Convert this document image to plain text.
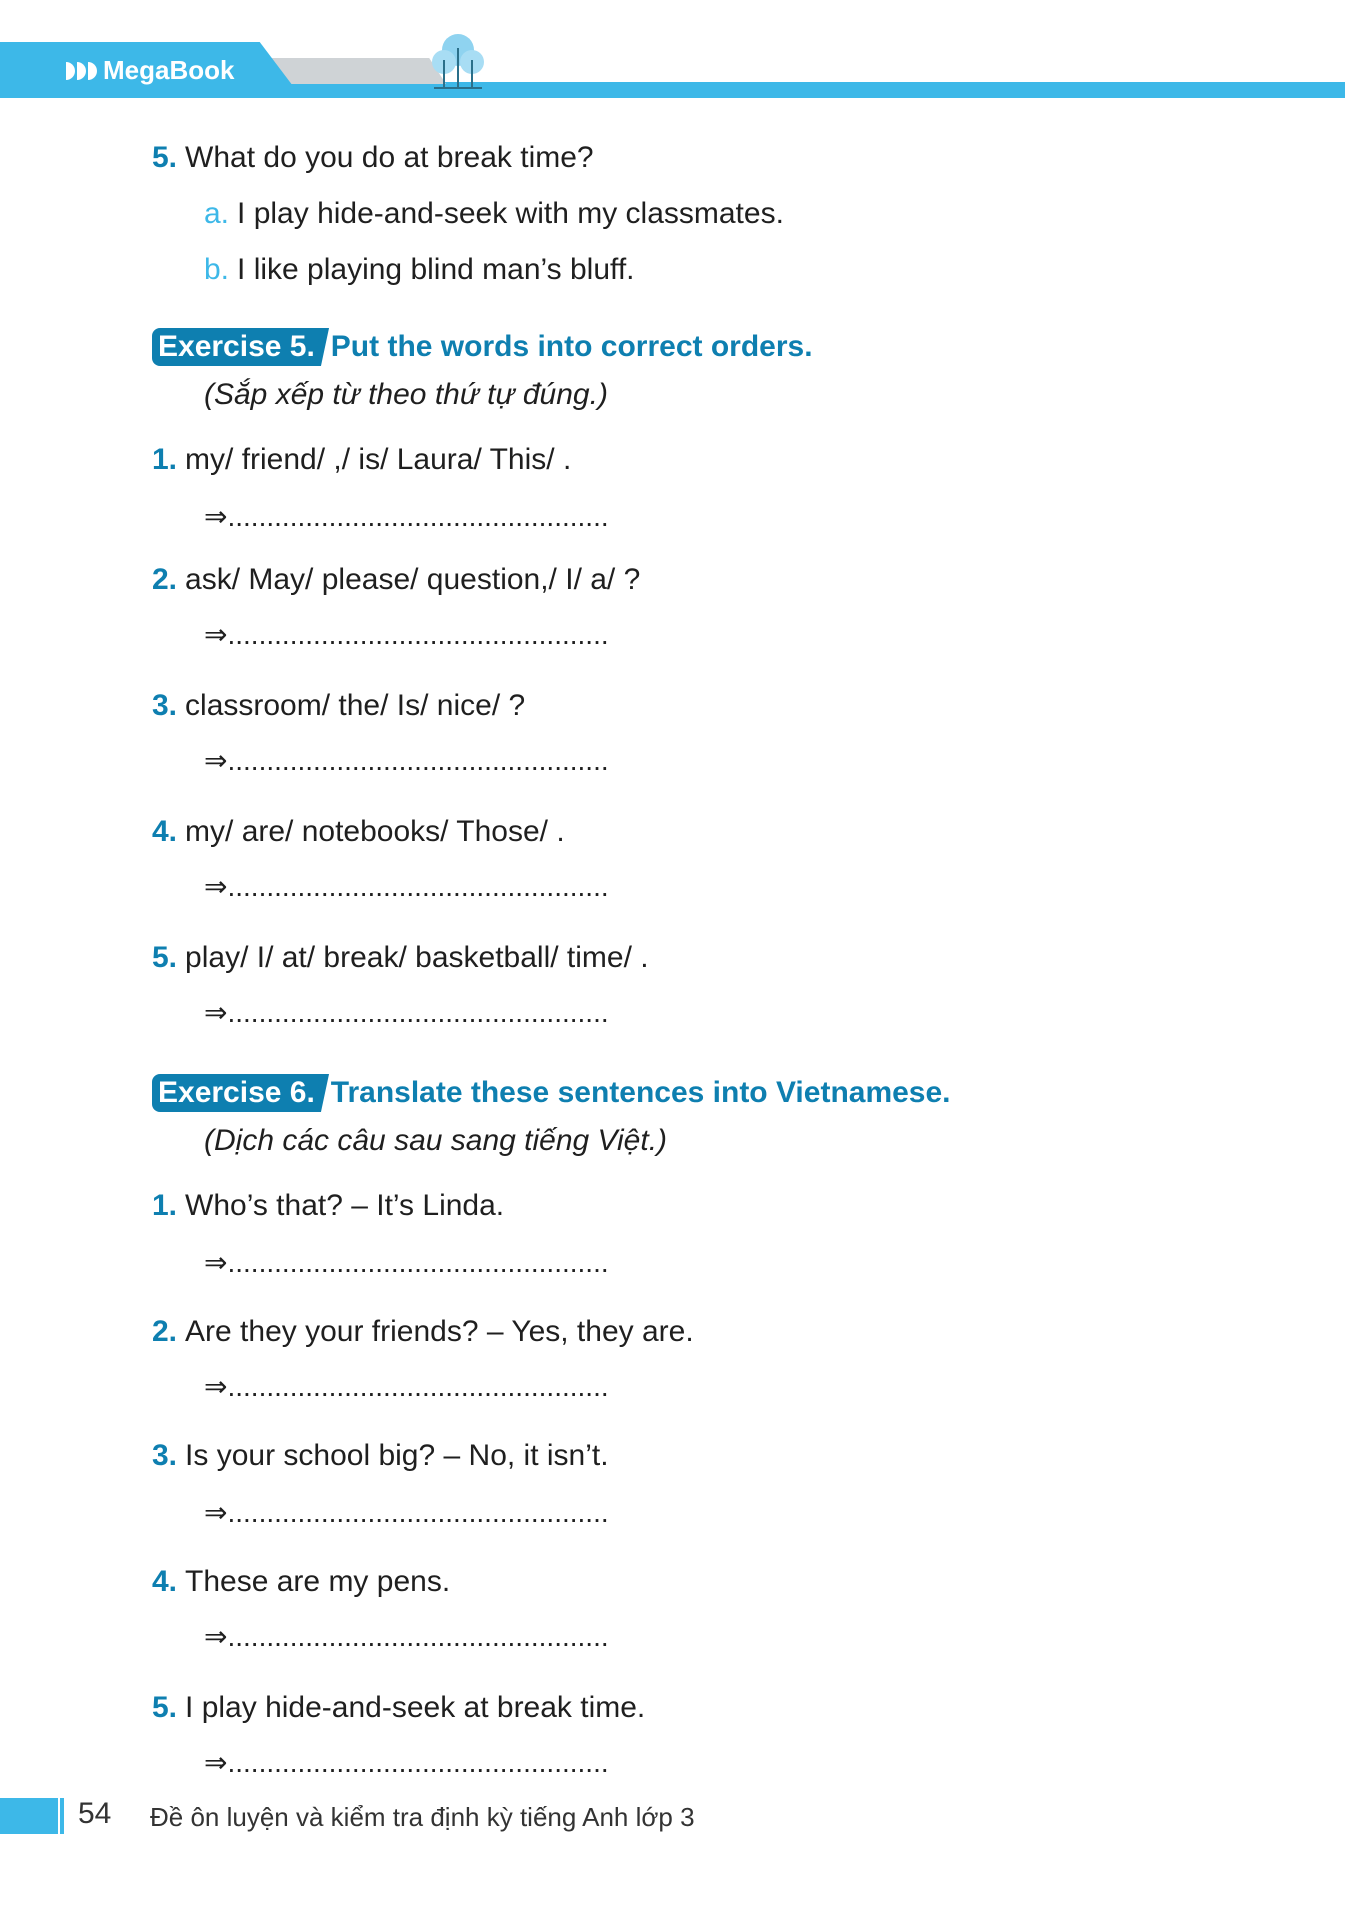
MegaBook
5. What do you do at break time?
a. I play hide-and-seek with my classmates.
b. I like playing blind man’s bluff.
Exercise 5. Put the words into correct orders.
(Sắp xếp từ theo thứ tự đúng.)
1. my/ friend/ ,/ is/ Laura/ This/ .
⇒.................................................
2. ask/ May/ please/ question,/ I/ a/ ?
⇒.................................................
3. classroom/ the/ Is/ nice/ ?
⇒.................................................
4. my/ are/ notebooks/ Those/ .
⇒.................................................
5. play/ I/ at/ break/ basketball/ time/ .
⇒.................................................
Exercise 6. Translate these sentences into Vietnamese.
(Dịch các câu sau sang tiếng Việt.)
1. Who’s that? – It’s Linda.
⇒.................................................
2. Are they your friends? – Yes, they are.
⇒.................................................
3. Is your school big? – No, it isn’t.
⇒.................................................
4. These are my pens.
⇒.................................................
5. I play hide-and-seek at break time.
⇒.................................................
54 Đề ôn luyện và kiểm tra định kỳ tiếng Anh lớp 3
